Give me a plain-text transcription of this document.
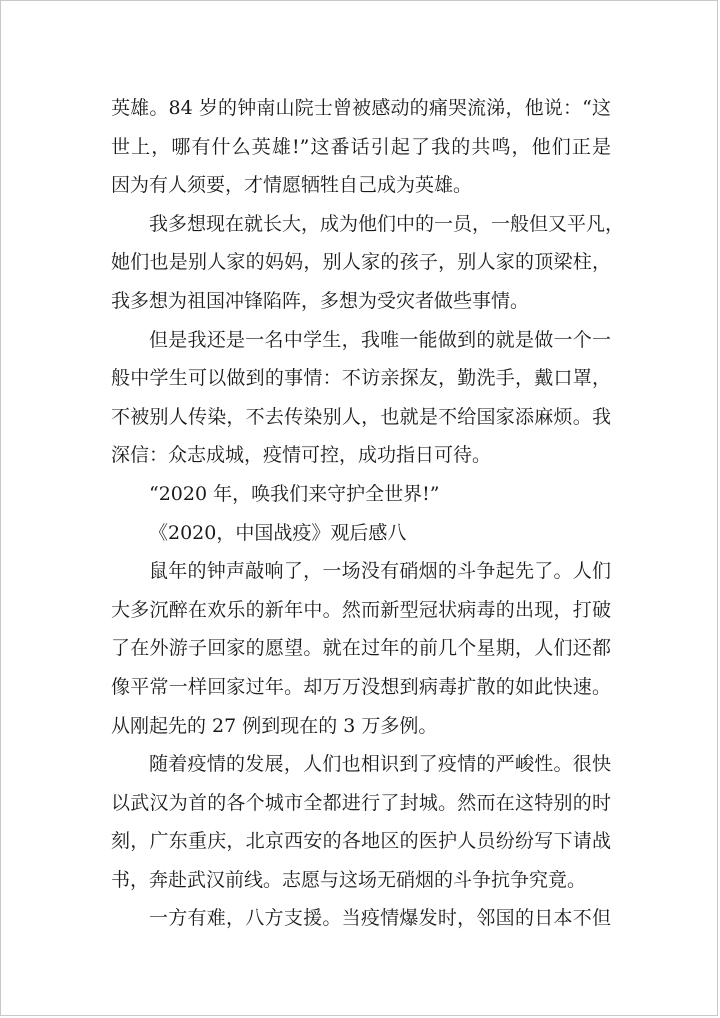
英雄。84 岁的钟南山院士曾被感动的痛哭流涕，他说：“这
世上，哪有什么英雄!”这番话引起了我的共鸣，他们正是
因为有人须要，才情愿牺牲自己成为英雄。
我多想现在就长大，成为他们中的一员，一般但又平凡，
她们也是别人家的妈妈，别人家的孩子，别人家的顶梁柱，
我多想为祖国冲锋陷阵，多想为受灾者做些事情。
但是我还是一名中学生，我唯一能做到的就是做一个一
般中学生可以做到的事情：不访亲探友，勤洗手，戴口罩，
不被别人传染，不去传染别人，也就是不给国家添麻烦。我
深信：众志成城，疫情可控，成功指日可待。
“2020 年，唤我们来守护全世界!”
《2020，中国战疫》观后感八
鼠年的钟声敲响了，一场没有硝烟的斗争起先了。人们
大多沉醉在欢乐的新年中。然而新型冠状病毒的出现，打破
了在外游子回家的愿望。就在过年的前几个星期，人们还都
像平常一样回家过年。却万万没想到病毒扩散的如此快速。
从刚起先的 27 例到现在的 3 万多例。
随着疫情的发展，人们也相识到了疫情的严峻性。很快
以武汉为首的各个城市全都进行了封城。然而在这特别的时
刻，广东重庆，北京西安的各地区的医护人员纷纷写下请战
书，奔赴武汉前线。志愿与这场无硝烟的斗争抗争究竟。
一方有难，八方支援。当疫情爆发时，邻国的日本不但
